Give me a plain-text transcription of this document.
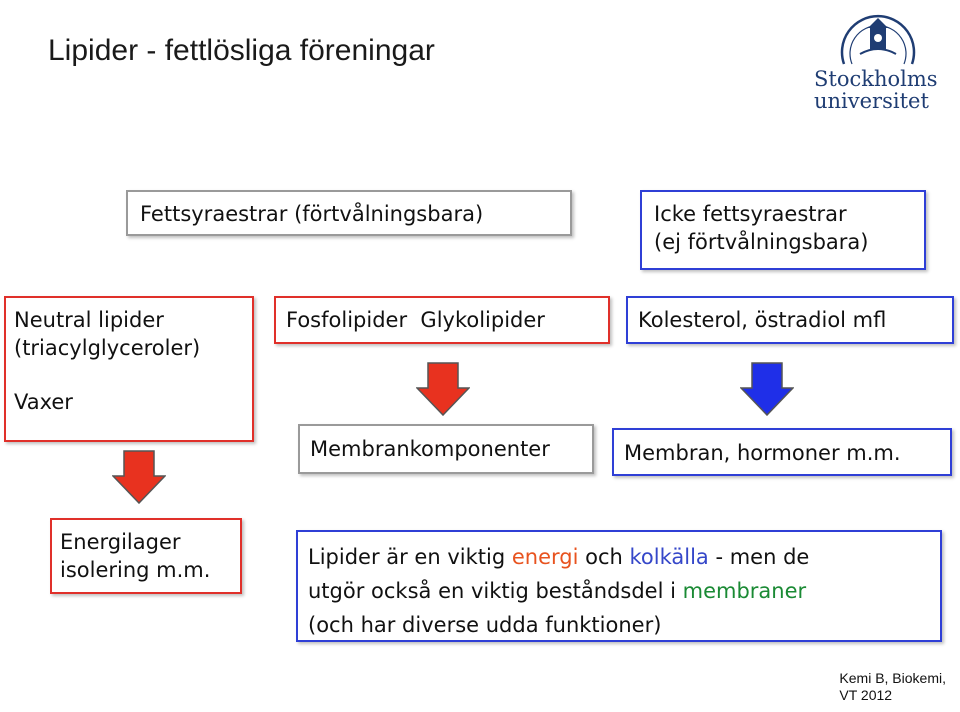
Lipider - fettlösliga föreningar
Stockholms
universitet
Fettsyraestrar (förtvålningsbara)	Icke fettsyraestrar
(ej förtvålningsbara)
Neutral lipider
(triacylglyceroler)
Vaxer
Fosfolipider  Glykolipider	Kolesterol, östradiol mfl
Membrankomponenter	Membran, hormoner m.m.
Energilager
isolering m.m.
Lipider är en viktig energi och kolkälla - men de
utgör också en viktig beståndsdel i membraner
(och har diverse udda funktioner)
Kemi B, Biokemi,
VT 2012
